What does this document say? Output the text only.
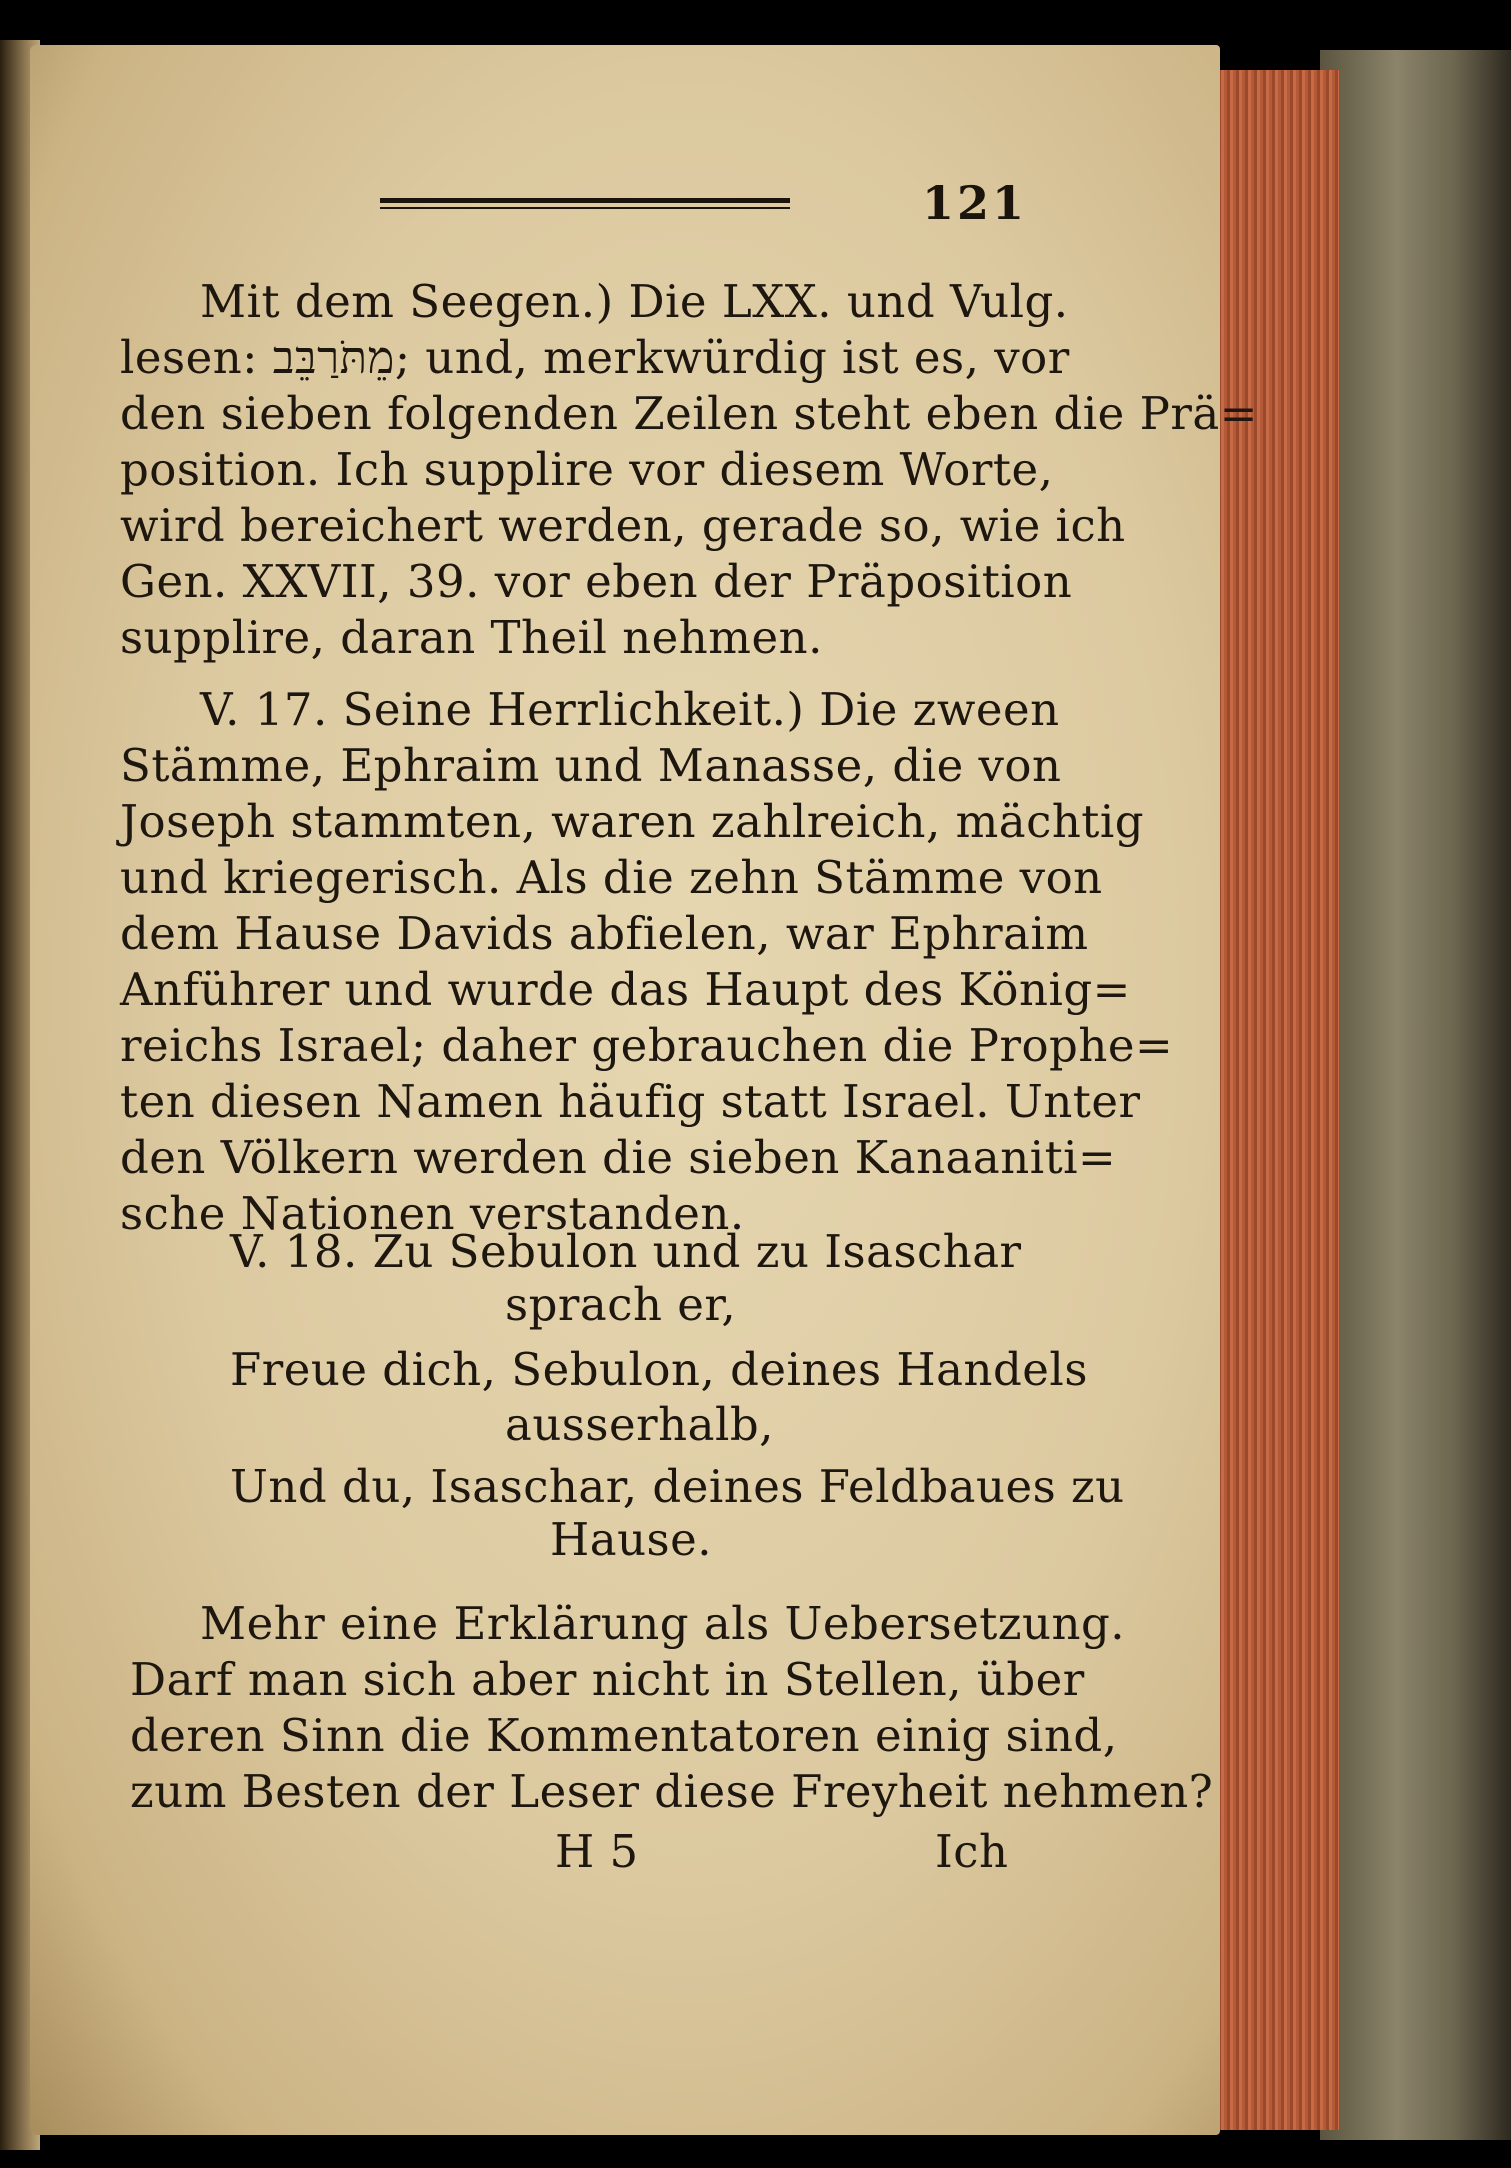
121
Mit dem Seegen.) Die LXX. und Vulg.
lesen: מֵתֹּרַבֵּב; und, merkwürdig ist es, vor
den sieben folgenden Zeilen steht eben die Prä=
position. Ich supplire vor diesem Worte,
wird bereichert werden, gerade so, wie ich
Gen. XXVII, 39. vor eben der Präposition
supplire, daran Theil nehmen.
V. 17. Seine Herrlichkeit.) Die zween
Stämme, Ephraim und Manasse, die von
Joseph stammten, waren zahlreich, mächtig
und kriegerisch. Als die zehn Stämme von
dem Hause Davids abfielen, war Ephraim
Anführer und wurde das Haupt des König=
reichs Israel; daher gebrauchen die Prophe=
ten diesen Namen häufig statt Israel. Unter
den Völkern werden die sieben Kanaaniti=
sche Nationen verstanden.
V. 18. Zu Sebulon und zu Isaschar
sprach er,
Freue dich, Sebulon, deines Handels
ausserhalb,
Und du, Isaschar, deines Feldbaues zu
Hause.
Mehr eine Erklärung als Uebersetzung.
Darf man sich aber nicht in Stellen, über
deren Sinn die Kommentatoren einig sind,
zum Besten der Leser diese Freyheit nehmen?
H 5	Ich
